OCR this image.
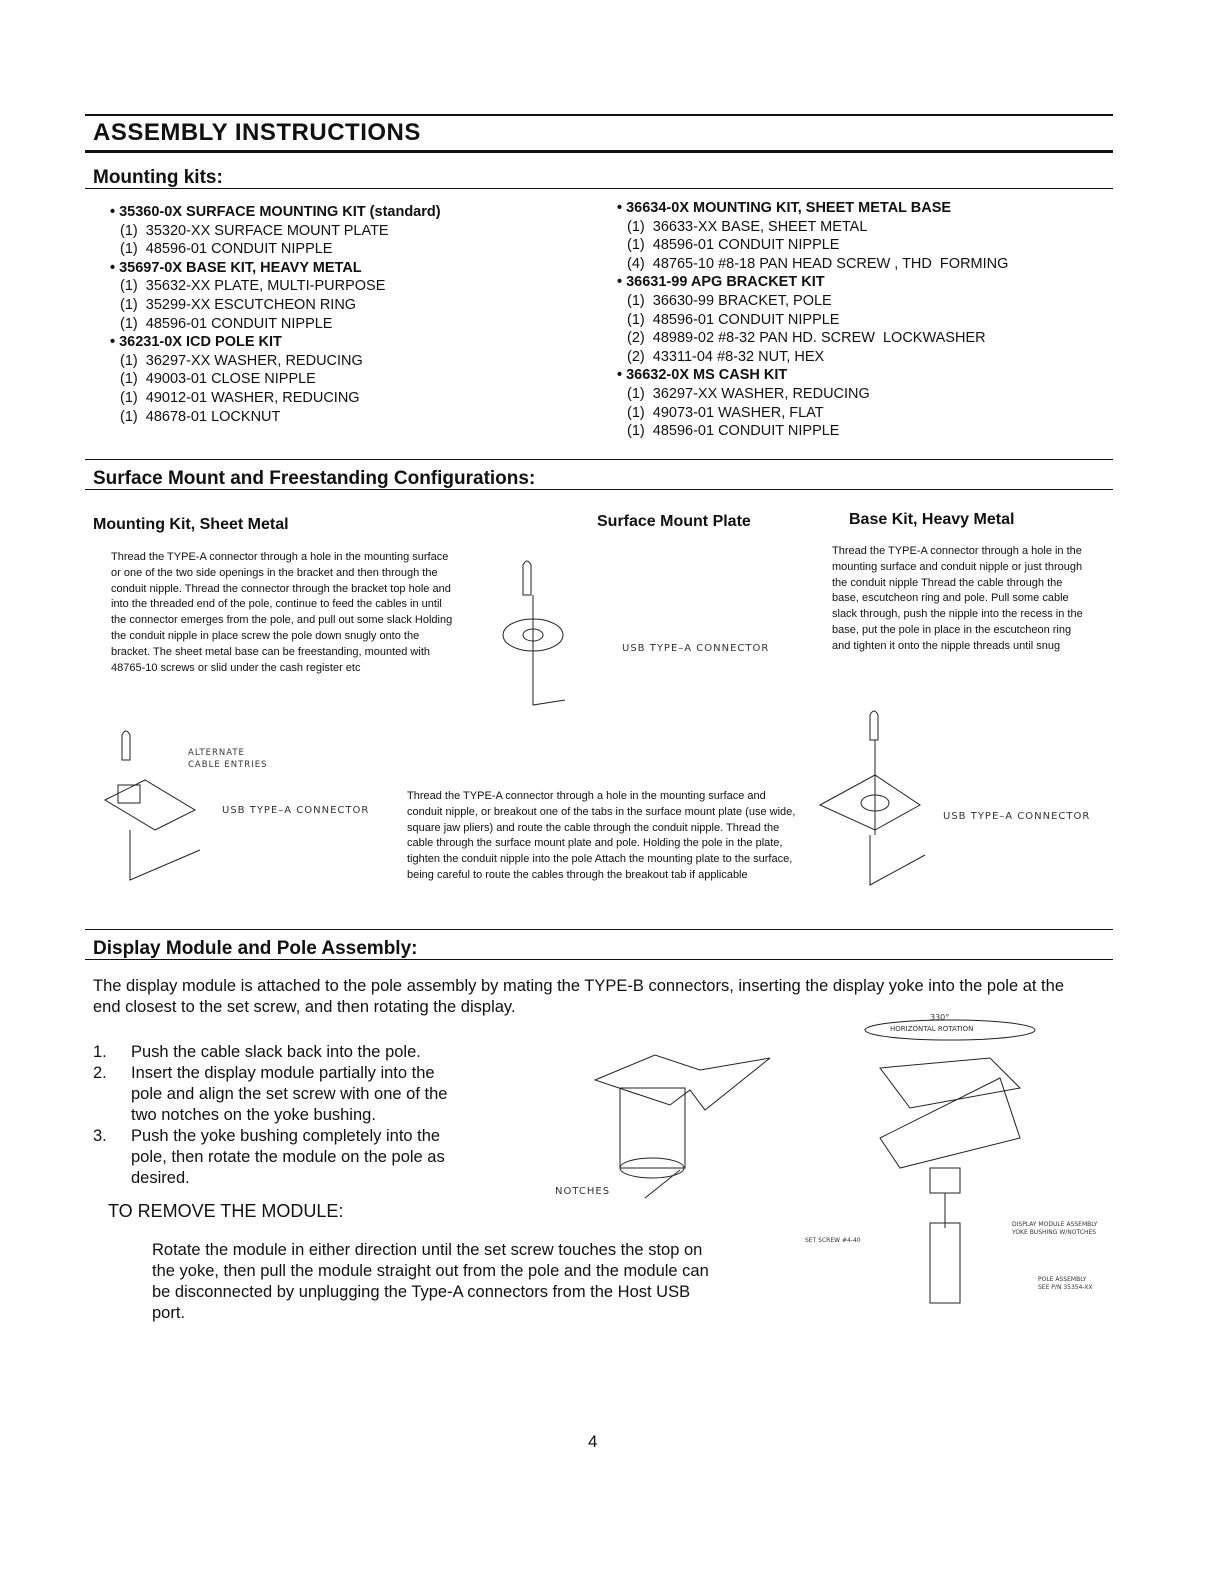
ASSEMBLY INSTRUCTIONS
Mounting kits:
• 35360-0X SURFACE MOUNTING KIT (standard)
(1)  35320-XX SURFACE MOUNT PLATE
(1)  48596-01 CONDUIT NIPPLE
• 35697-0X BASE KIT, HEAVY METAL
(1)  35632-XX PLATE, MULTI-PURPOSE
(1)  35299-XX ESCUTCHEON RING
(1)  48596-01 CONDUIT NIPPLE
• 36231-0X ICD POLE KIT
(1)  36297-XX WASHER, REDUCING
(1)  49003-01 CLOSE NIPPLE
(1)  49012-01 WASHER, REDUCING
(1)  48678-01 LOCKNUT
• 36634-0X MOUNTING KIT, SHEET METAL BASE
(1)  36633-XX BASE, SHEET METAL
(1)  48596-01 CONDUIT NIPPLE
(4)  48765-10 #8-18 PAN HEAD SCREW , THD  FORMING
• 36631-99 APG BRACKET KIT
(1)  36630-99 BRACKET, POLE
(1)  48596-01 CONDUIT NIPPLE
(2)  48989-02 #8-32 PAN HD. SCREW  LOCKWASHER
(2)  43311-04 #8-32 NUT, HEX
• 36632-0X MS CASH KIT
(1)  36297-XX WASHER, REDUCING
(1)  49073-01 WASHER, FLAT
(1)  48596-01 CONDUIT NIPPLE
Surface Mount and Freestanding Configurations:
Mounting Kit, Sheet Metal	Surface Mount Plate	Base Kit, Heavy Metal
Thread the TYPE-A connector through a hole in the mounting surface or one of the two side openings in the bracket and then through the conduit nipple. Thread the connector through the bracket top hole and into the threaded end of the pole, continue to feed the cables in until the connector emerges from the pole, and pull out some slack Holding the conduit nipple in place screw the pole down snugly onto the bracket. The sheet metal base can be freestanding, mounted with 48765-10 screws or slid under the cash register etc
Thread the TYPE-A connector through a hole in the mounting surface and conduit nipple or just through the conduit nipple Thread the cable through the base, escutcheon ring and pole. Pull some cable slack through, push the nipple into the recess in the base, put the pole in place in the escutcheon ring and tighten it onto the nipple threads until snug
Thread the TYPE-A connector through a hole in the mounting surface and conduit nipple, or breakout one of the tabs in the surface mount plate (use wide, square jaw pliers) and route the cable through the conduit nipple. Thread the cable through the surface mount plate and pole. Holding the pole in the plate, tighten the conduit nipple into the pole Attach the mounting plate to the surface, being careful to route the cables through the breakout tab if applicable
USB TYPE–A CONNECTOR
ALTERNATE
CABLE ENTRIES
USB TYPE–A CONNECTOR
USB TYPE–A CONNECTOR
Display Module and Pole Assembly:
The display module is attached to the pole assembly by mating the TYPE-B connectors, inserting the display yoke into the pole at the end closest to the set screw, and then rotating the display.
1.	Push the cable slack back into the pole.
2.	Insert the display module partially into the pole and align the set screw with one of the two notches on the yoke bushing.
3.	Push the yoke bushing completely into the pole, then rotate the module on the pole as desired.
TO REMOVE THE MODULE:
Rotate the module in either direction until the set screw touches the stop on the yoke, then pull the module straight out from the pole and the module can be disconnected by unplugging the Type-A connectors from the Host USB port.
NOTCHES
330°
HORIZONTAL ROTATION
SET SCREW #4-40
DISPLAY MODULE ASSEMBLY
YOKE BUSHING W/NOTCHES
POLE ASSEMBLY
SEE P/N 35354-XX
4
